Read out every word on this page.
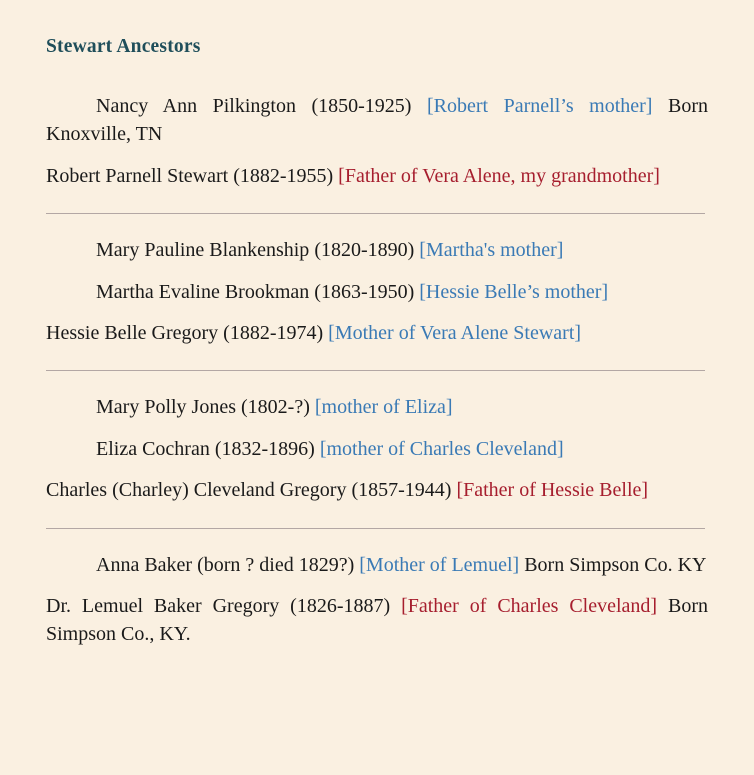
Stewart Ancestors

Nancy Ann Pilkington (1850-1925) [Robert Parnell’s mother] Born Knoxville, TN

Robert Parnell Stewart (1882-1955) [Father of Vera Alene, my grandmother]

Mary Pauline Blankenship (1820-1890) [Martha's mother]

Martha Evaline Brookman (1863-1950) [Hessie Belle’s mother]

Hessie Belle Gregory (1882-1974) [Mother of Vera Alene Stewart]

Mary Polly Jones (1802-?) [mother of Eliza]

Eliza Cochran (1832-1896) [mother of Charles Cleveland]

Charles (Charley) Cleveland Gregory (1857-1944) [Father of Hessie Belle]

Anna Baker (born ? died 1829?) [Mother of Lemuel] Born Simpson Co. KY

Dr. Lemuel Baker Gregory (1826-1887) [Father of Charles Cleveland] Born Simpson Co., KY.
